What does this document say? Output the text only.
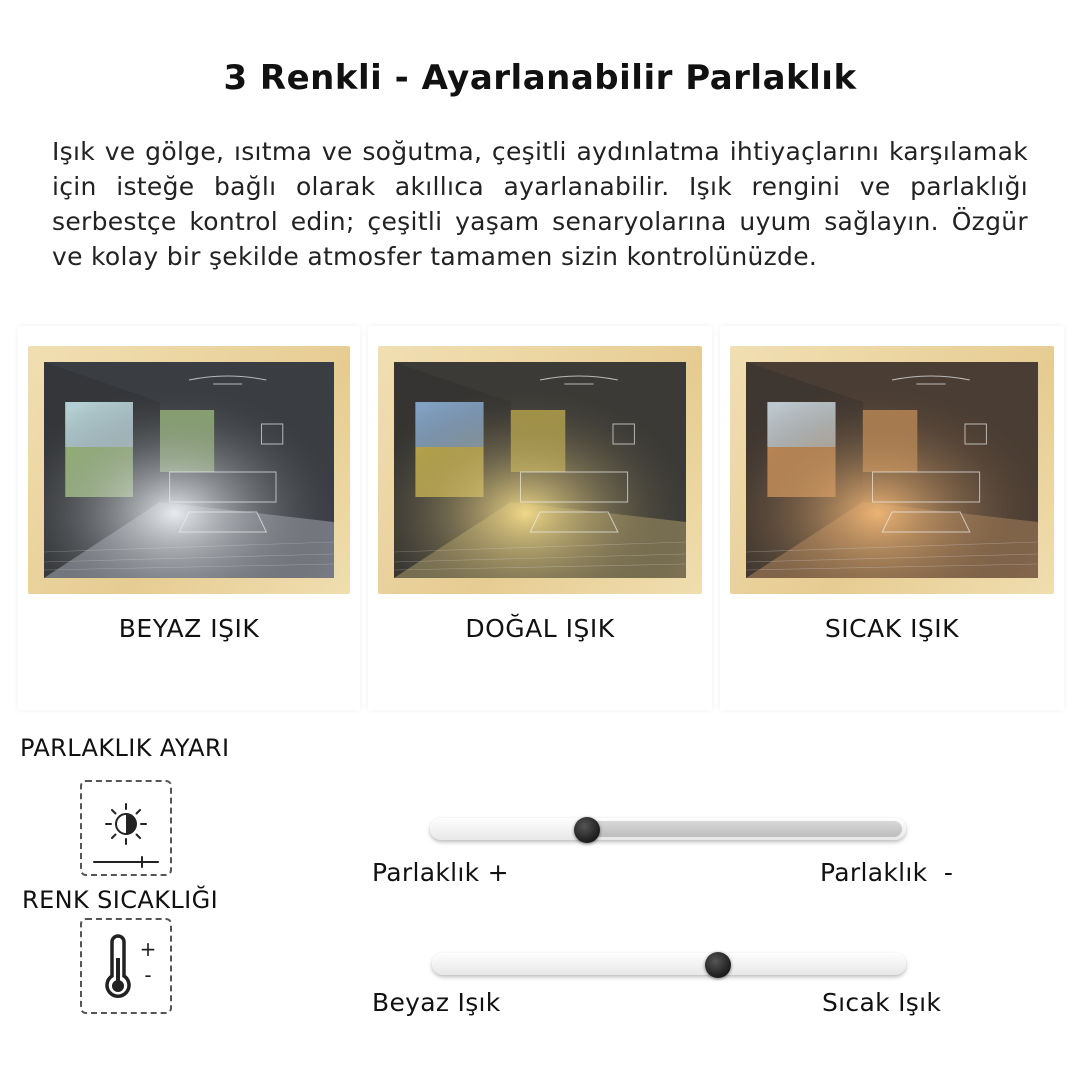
3 Renkli - Ayarlanabilir Parlaklık
Işık ve gölge, ısıtma ve soğutma, çeşitli aydınlatma ihtiyaçlarını karşılamak için isteğe bağlı olarak akıllıca ayarlanabilir. Işık rengini ve parlaklığı serbestçe kontrol edin; çeşitli yaşam senaryolarına uyum sağlayın. Özgür ve kolay bir şekilde atmosfer tamamen sizin kontrolünüzde.
BEYAZ IŞIK	DOĞAL IŞIK	SICAK IŞIK
PARLAKLIK AYARI
Parlaklık +	Parlaklık  -
RENK SICAKLIĞI
+
-
Beyaz Işık	Sıcak Işık
